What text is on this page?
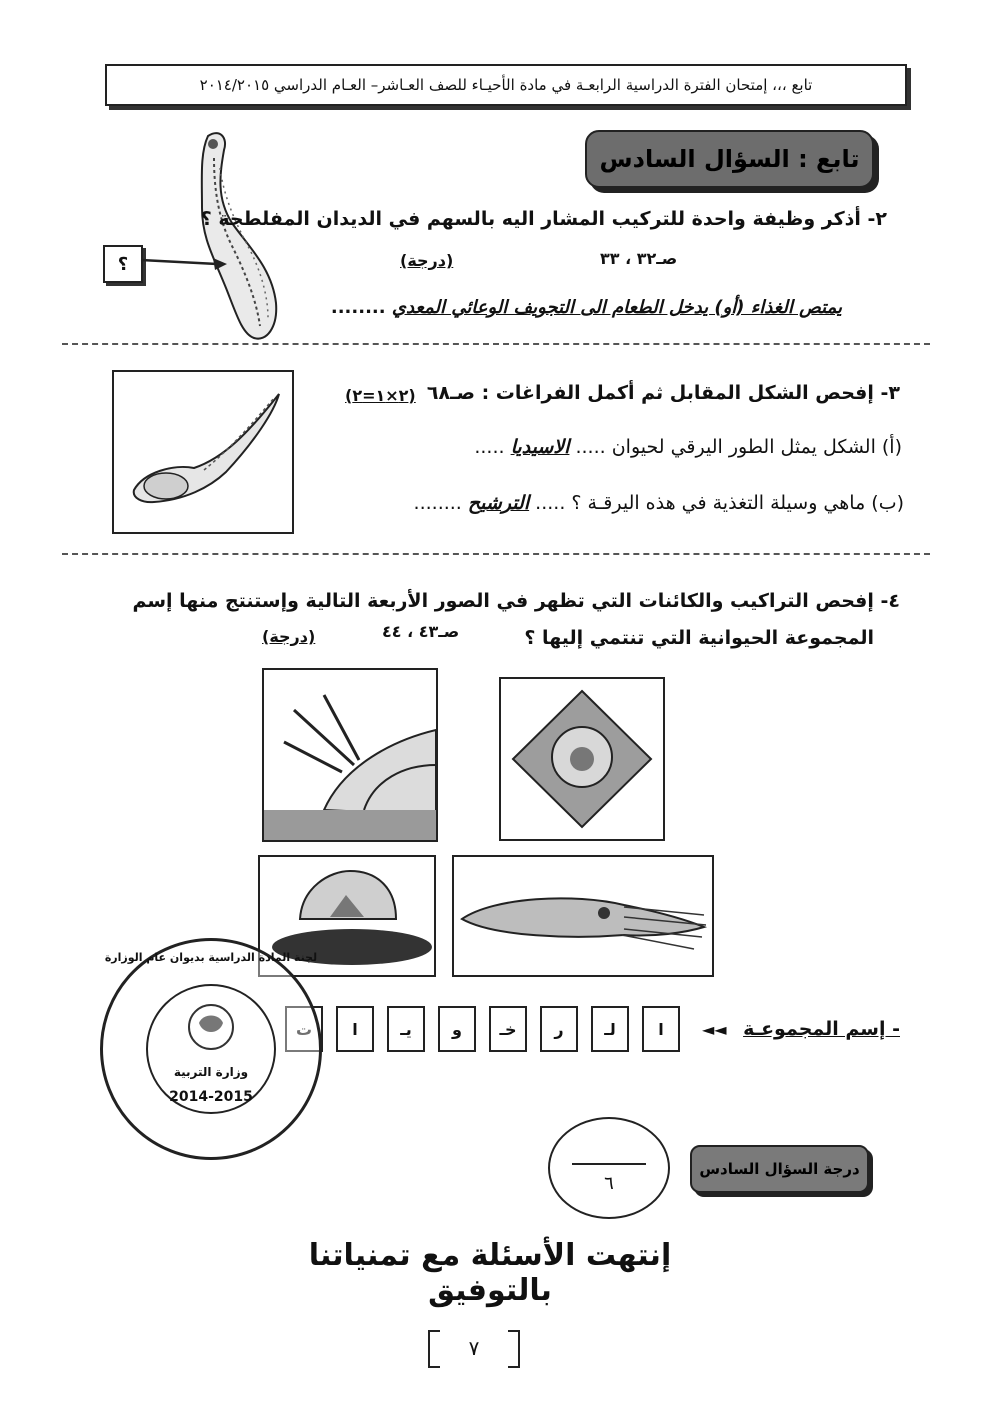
تابع ،،، إمتحان الفترة الدراسية الرابعـة في مادة الأحيـاء للصف العـاشر– العـام الدراسي ٢٠١٤/٢٠١٥
تابع : السؤال السادس
؟
٢- أذكر وظيفة واحدة للتركيب المشار اليه بالسهم في الديدان المفلطحة ؟
صـ٣٢ ، ٣٣
(درجة)
يمتص الغذاء (أو) يدخل الطعام الى التجويف الوعائي المعدي ........
٣- إفحص الشكل المقابل ثم أكمل الفراغات : صـ٦٨
(٢×١=٢)
(أ) الشكل يمثل الطور اليرقي لحيوان ..... الاسيديا .....
(ب) ماهي وسيلة التغذية في هذه اليرقـة ؟ ..... الترشيح ........
٤- إفحص التراكيب والكائنات التي تظهر في الصور الأربعة التالية وإستنتج منها إسم
المجموعة الحيوانية التي تنتمي إليها ؟
صـ٤٣ ، ٤٤
(درجة)
- إسم المجموعـة
◄◄
ت	ا	يـ	و	خـ	ر	لـ	ا
لجنة المادة الدراسية بديوان عام الوزارة
وزارة التربية
2014-2015
٦
درجة السؤال السادس
إنتهت الأسئلة مع تمنياتنا بالتوفيق
٧
